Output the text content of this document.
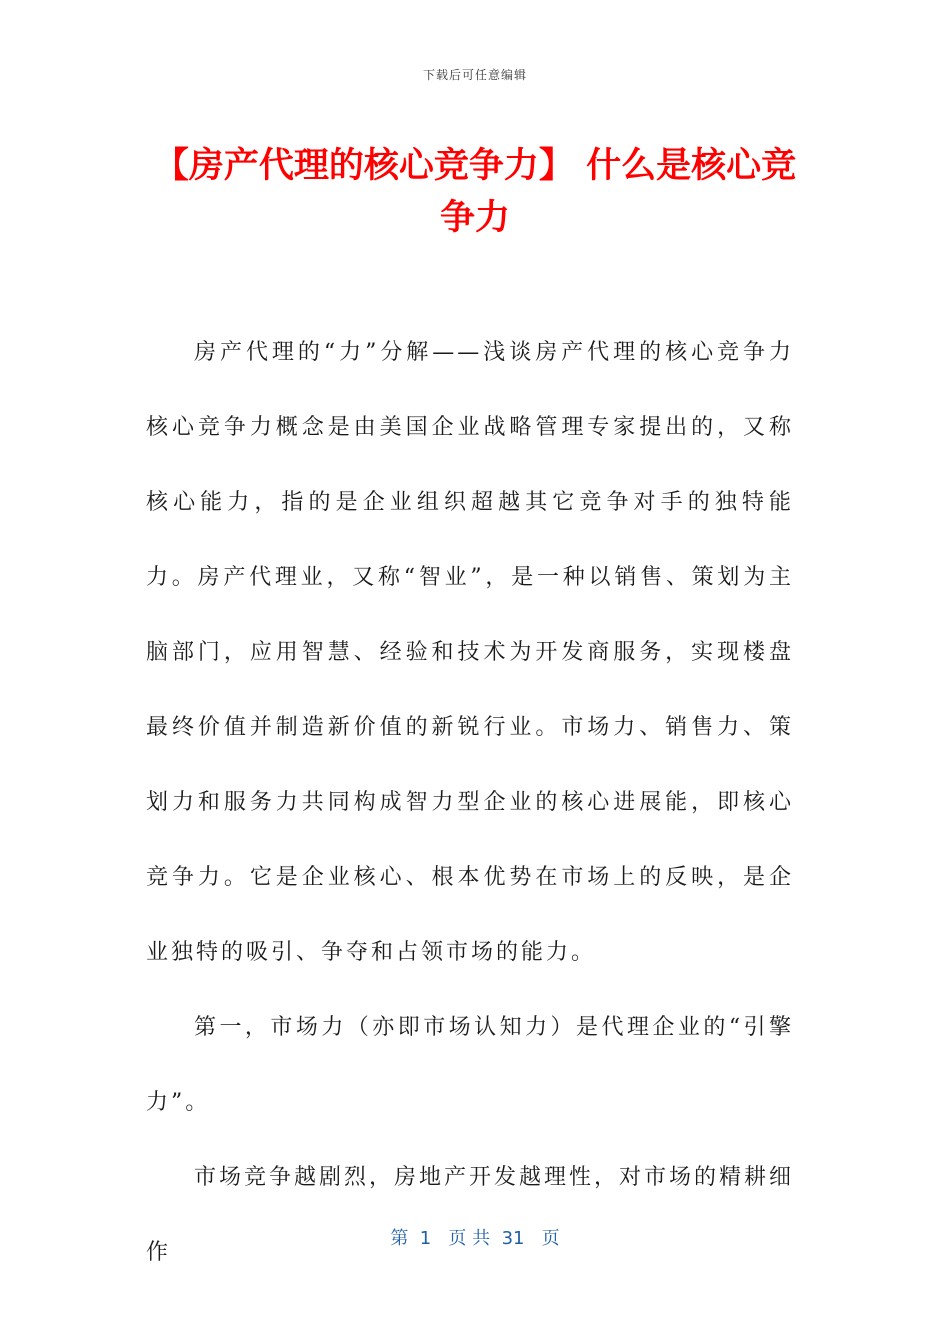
下载后可任意编辑
【房产代理的核心竞争力】 什么是核心竞争力

房产代理的“力”分解——浅谈房产代理的核心竞争力核心竞争力概念是由美国企业战略管理专家提出的，又称核心能力，指的是企业组织超越其它竞争对手的独特能力。房产代理业，又称“智业”，是一种以销售、策划为主脑部门，应用智慧、经验和技术为开发商服务，实现楼盘最终价值并制造新价值的新锐行业。市场力、销售力、策划力和服务力共同构成智力型企业的核心进展能，即核心竞争力。它是企业核心、根本优势在市场上的反映，是企业独特的吸引、争夺和占领市场的能力。

第一，市场力（亦即市场认知力）是代理企业的“引擎力”。

市场竞争越剧烈，房地产开发越理性，对市场的精耕细作

第  1   页 共  31   页
